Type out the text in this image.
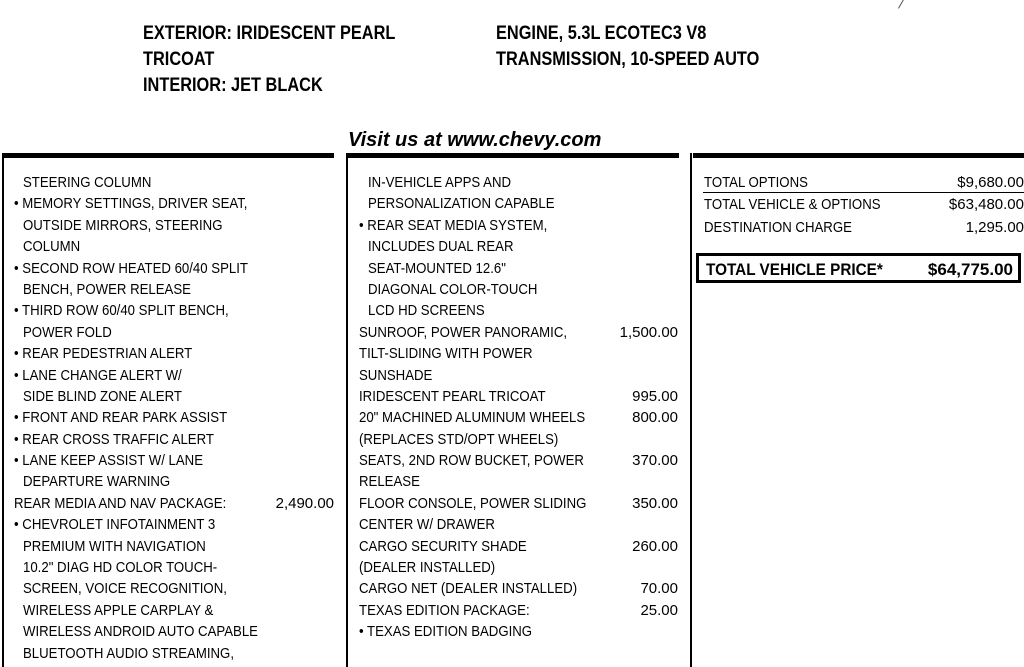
EXTERIOR: IRIDESCENT PEARL
TRICOAT
INTERIOR: JET BLACK
ENGINE, 5.3L ECOTEC3 V8
TRANSMISSION, 10-SPEED AUTO
Visit us at www.chevy.com
STEERING COLUMN
• MEMORY SETTINGS, DRIVER SEAT,
OUTSIDE MIRRORS, STEERING
COLUMN
• SECOND ROW HEATED 60/40 SPLIT
BENCH, POWER RELEASE
• THIRD ROW 60/40 SPLIT BENCH,
POWER FOLD
• REAR PEDESTRIAN ALERT
• LANE CHANGE ALERT W/
SIDE BLIND ZONE ALERT
• FRONT AND REAR PARK ASSIST
• REAR CROSS TRAFFIC ALERT
• LANE KEEP ASSIST W/ LANE
DEPARTURE WARNING
REAR MEDIA AND NAV PACKAGE:	2,490.00
• CHEVROLET INFOTAINMENT 3
PREMIUM WITH NAVIGATION
10.2" DIAG HD COLOR TOUCH-
SCREEN, VOICE RECOGNITION,
WIRELESS APPLE CARPLAY &
WIRELESS ANDROID AUTO CAPABLE
BLUETOOTH AUDIO STREAMING,
IN-VEHICLE APPS AND
PERSONALIZATION CAPABLE
• REAR SEAT MEDIA SYSTEM,
INCLUDES DUAL REAR
SEAT-MOUNTED 12.6"
DIAGONAL COLOR-TOUCH
LCD HD SCREENS
SUNROOF, POWER PANORAMIC,	1,500.00
TILT-SLIDING WITH POWER
SUNSHADE
IRIDESCENT PEARL TRICOAT	995.00
20" MACHINED ALUMINUM WHEELS	800.00
(REPLACES STD/OPT WHEELS)
SEATS, 2ND ROW BUCKET, POWER	370.00
RELEASE
FLOOR CONSOLE, POWER SLIDING	350.00
CENTER W/ DRAWER
CARGO SECURITY SHADE	260.00
(DEALER INSTALLED)
CARGO NET (DEALER INSTALLED)	70.00
TEXAS EDITION PACKAGE:	25.00
• TEXAS EDITION BADGING
TOTAL OPTIONS	$9,680.00
TOTAL VEHICLE & OPTIONS	$63,480.00
DESTINATION CHARGE	1,295.00
TOTAL VEHICLE PRICE*	$64,775.00
